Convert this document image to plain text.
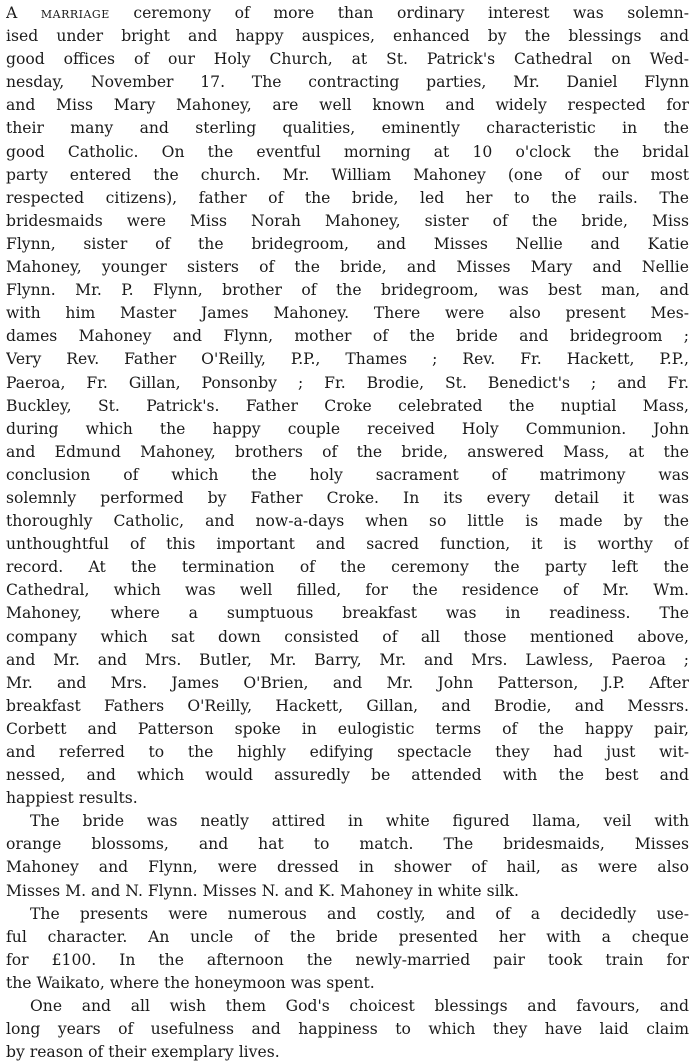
A marriage ceremony of more than ordinary interest was solemn-
ised under bright and happy auspices, enhanced by the blessings and
good offices of our Holy Church, at St. Patrick's Cathedral on Wed-
nesday, November 17. The contracting parties, Mr. Daniel Flynn
and Miss Mary Mahoney, are well known and widely respected for
their many and sterling qualities, eminently characteristic in the
good Catholic. On the eventful morning at 10 o'clock the bridal
party entered the church. Mr. William Mahoney (one of our most
respected citizens), father of the bride, led her to the rails. The
bridesmaids were Miss Norah Mahoney, sister of the bride, Miss
Flynn, sister of the bridegroom, and Misses Nellie and Katie
Mahoney, younger sisters of the bride, and Misses Mary and Nellie
Flynn. Mr. P. Flynn, brother of the bridegroom, was best man, and
with him Master James Mahoney. There were also present Mes-
dames Mahoney and Flynn, mother of the bride and bridegroom ;
Very Rev. Father O'Reilly, P.P., Thames ; Rev. Fr. Hackett, P.P.,
Paeroa, Fr. Gillan, Ponsonby ; Fr. Brodie, St. Benedict's ; and Fr.
Buckley, St. Patrick's. Father Croke celebrated the nuptial Mass,
during which the happy couple received Holy Communion. John
and Edmund Mahoney, brothers of the bride, answered Mass, at the
conclusion of which the holy sacrament of matrimony was
solemnly performed by Father Croke. In its every detail it was
thoroughly Catholic, and now-a-days when so little is made by the
unthoughtful of this important and sacred function, it is worthy of
record. At the termination of the ceremony the party left the
Cathedral, which was well filled, for the residence of Mr. Wm.
Mahoney, where a sumptuous breakfast was in readiness. The
company which sat down consisted of all those mentioned above,
and Mr. and Mrs. Butler, Mr. Barry, Mr. and Mrs. Lawless, Paeroa ;
Mr. and Mrs. James O'Brien, and Mr. John Patterson, J.P. After
breakfast Fathers O'Reilly, Hackett, Gillan, and Brodie, and Messrs.
Corbett and Patterson spoke in eulogistic terms of the happy pair,
and referred to the highly edifying spectacle they had just wit-
nessed, and which would assuredly be attended with the best and
happiest results.
The bride was neatly attired in white figured llama, veil with
orange blossoms, and hat to match. The bridesmaids, Misses
Mahoney and Flynn, were dressed in shower of hail, as were also
Misses M. and N. Flynn. Misses N. and K. Mahoney in white silk.
The presents were numerous and costly, and of a decidedly use-
ful character. An uncle of the bride presented her with a cheque
for £100. In the afternoon the newly-married pair took train for
the Waikato, where the honeymoon was spent.
One and all wish them God's choicest blessings and favours, and
long years of usefulness and happiness to which they have laid claim
by reason of their exemplary lives.
